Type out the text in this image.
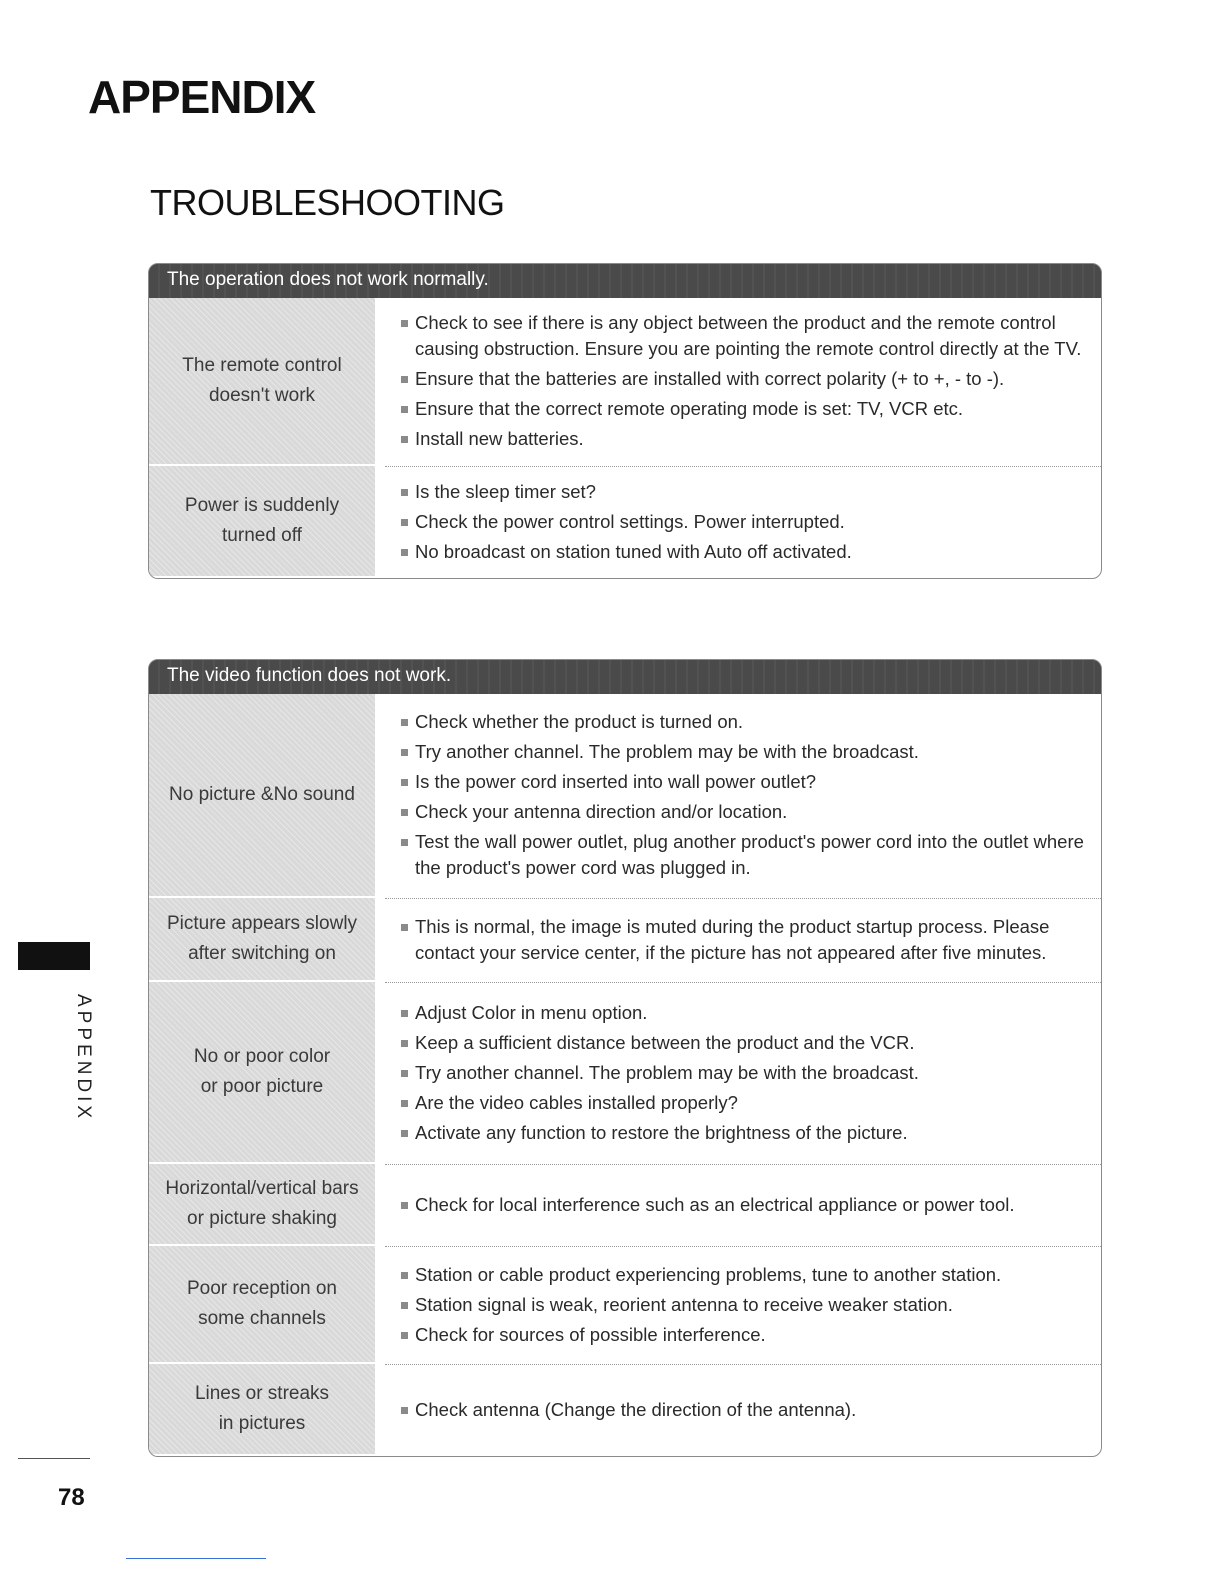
APPENDIX
TROUBLESHOOTING
The operation does not work normally.
The remote control
doesn't work
Check to see if there is any object between the product and the remote control causing obstruction. Ensure you are pointing the remote control directly at the TV.
Ensure that the batteries are installed with correct polarity (+ to +, - to -).
Ensure that the correct remote operating mode is set: TV, VCR etc.
Install new batteries.
Power is suddenly
turned off
Is the sleep timer set?
Check the power control settings. Power interrupted.
No broadcast on station tuned with Auto off activated.
The video function does not work.
No picture &No sound
Check whether the product is turned on.
Try another channel. The problem may be with the broadcast.
Is the power cord inserted into wall power outlet?
Check your antenna direction and/or location.
Test the wall power outlet, plug another product's power cord into the outlet where the product's power cord was plugged in.
Picture appears slowly
after switching on
This is normal, the image is muted during the product startup process. Please contact your service center, if the picture has not appeared after five minutes.
No or poor color
or poor picture
Adjust Color in menu option.
Keep a sufficient distance between the product and the VCR.
Try another channel. The problem may be with the broadcast.
Are the video cables installed properly?
Activate any function to restore the brightness of the picture.
Horizontal/vertical bars
or picture shaking
Check for local interference such as an electrical appliance or power tool.
Poor reception on
some channels
Station or cable product experiencing problems, tune to another station.
Station signal is weak, reorient antenna to receive weaker station.
Check for sources of possible interference.
Lines or streaks
in pictures
Check antenna (Change the direction of the antenna).
APPENDIX
78
